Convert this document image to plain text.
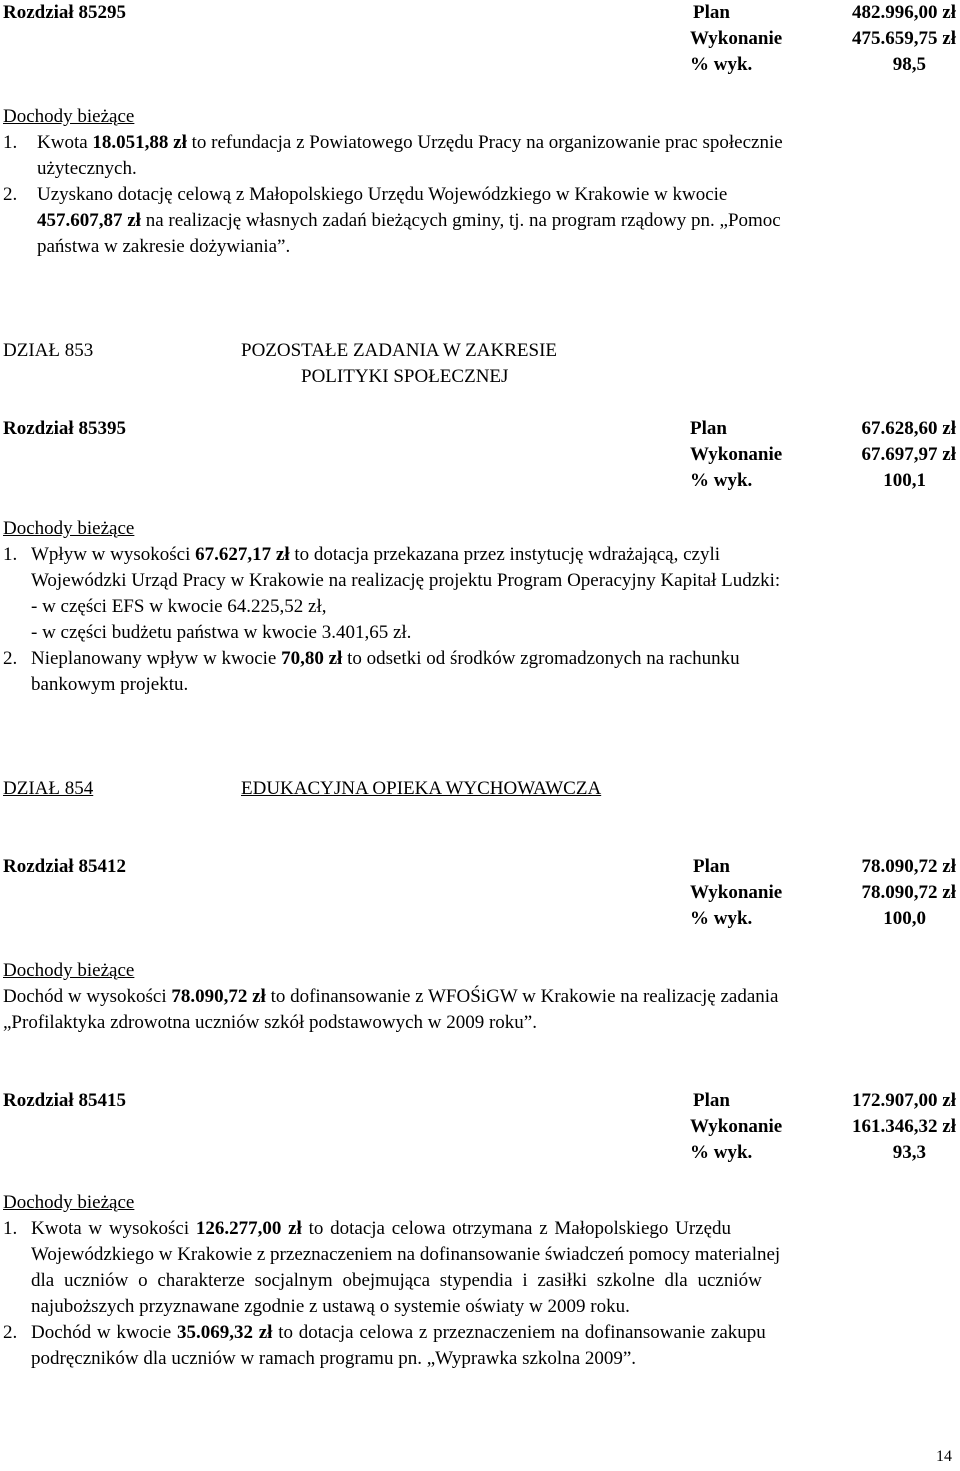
Rozdział 85295	Plan	482.996,00 zł
Wykonanie	475.659,75 zł
% wyk.	98,5
Dochody bieżące
1. Kwota 18.051,88 zł to refundacja z Powiatowego Urzędu Pracy na organizowanie prac społecznie
użytecznych.
2. Uzyskano dotację celową z Małopolskiego Urzędu Wojewódzkiego w Krakowie w kwocie
457.607,87 zł na realizację własnych zadań bieżących gminy, tj. na program rządowy pn. „Pomoc
państwa w zakresie dożywiania”.
DZIAŁ 853	POZOSTAŁE ZADANIA W ZAKRESIE
POLITYKI SPOŁECZNEJ
Rozdział 85395	Plan	67.628,60 zł
Wykonanie	67.697,97 zł
% wyk.	100,1
Dochody bieżące
1. Wpływ w wysokości 67.627,17 zł to dotacja przekazana przez instytucję wdrażającą, czyli
Wojewódzki Urząd Pracy w Krakowie na realizację projektu Program Operacyjny Kapitał Ludzki:
- w części EFS w kwocie 64.225,52 zł,
- w części budżetu państwa w kwocie 3.401,65 zł.
2. Nieplanowany wpływ w kwocie 70,80 zł to odsetki od środków zgromadzonych na rachunku
bankowym projektu.
DZIAŁ 854	EDUKACYJNA OPIEKA WYCHOWAWCZA
Rozdział 85412	Plan	78.090,72 zł
Wykonanie	78.090,72 zł
% wyk.	100,0
Dochody bieżące
Dochód w wysokości 78.090,72 zł to dofinansowanie z WFOŚiGW w Krakowie na realizację zadania
„Profilaktyka zdrowotna uczniów szkół podstawowych w 2009 roku”.
Rozdział 85415	Plan	172.907,00 zł
Wykonanie	161.346,32 zł
% wyk.	93,3
Dochody bieżące
1. Kwota w wysokości 126.277,00 zł to dotacja celowa otrzymana z Małopolskiego Urzędu
Wojewódzkiego w Krakowie z przeznaczeniem na dofinansowanie świadczeń pomocy materialnej
dla uczniów o charakterze socjalnym obejmująca stypendia i zasiłki szkolne dla uczniów
najuboższych przyznawane zgodnie z ustawą o systemie oświaty w 2009 roku.
2. Dochód w kwocie 35.069,32 zł to dotacja celowa z przeznaczeniem na dofinansowanie zakupu
podręczników dla uczniów w ramach programu pn. „Wyprawka szkolna 2009”.
14
